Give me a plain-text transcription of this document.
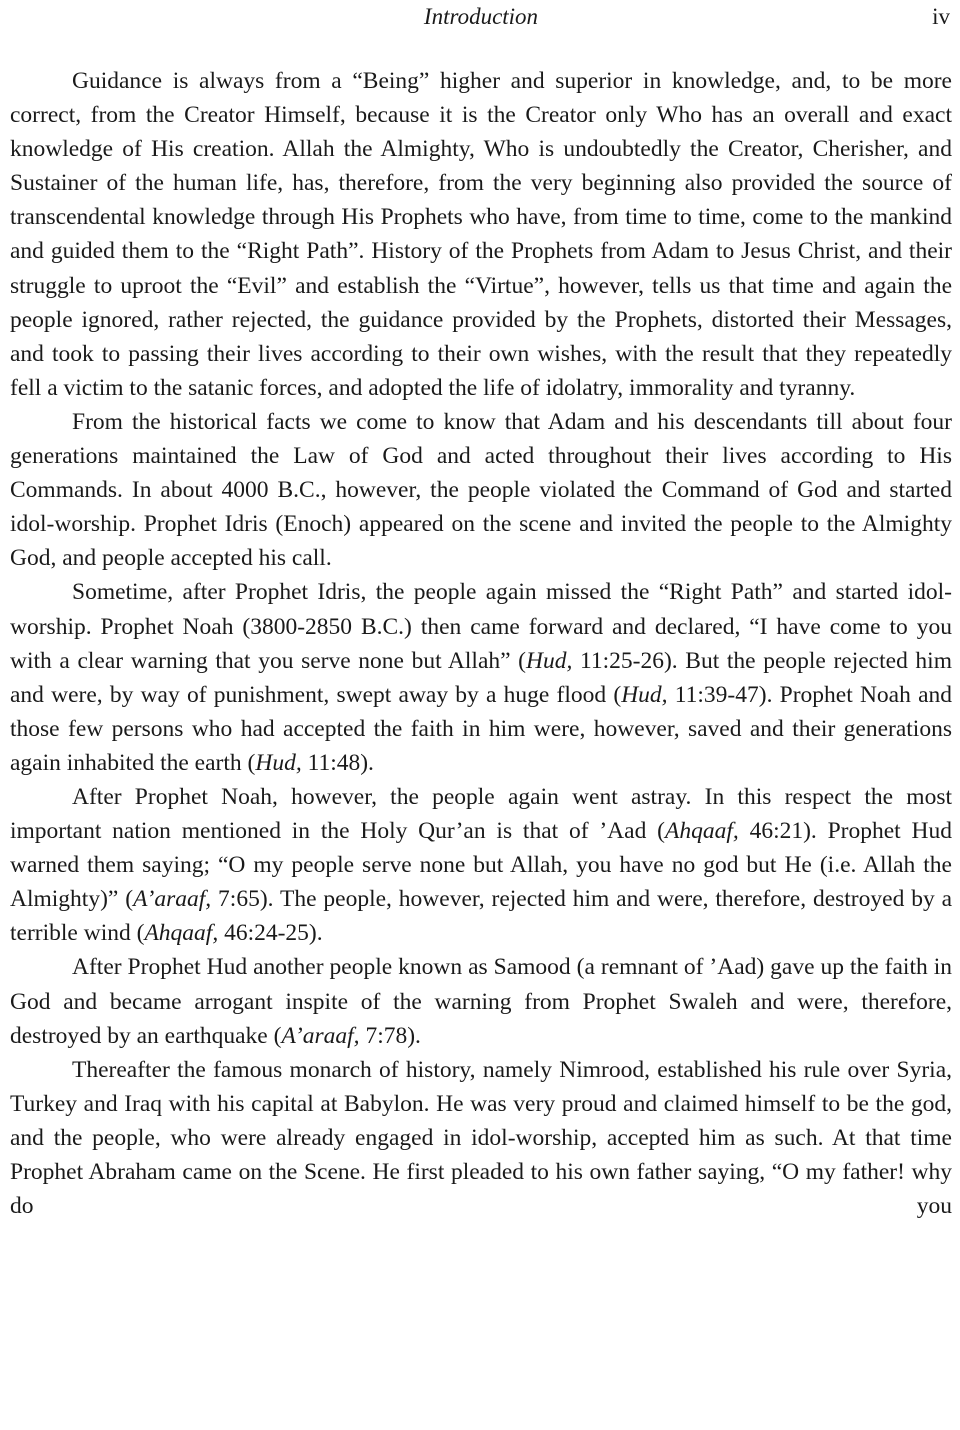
Introduction	iv

Guidance is always from a “Being” higher and superior in knowledge, and, to be more correct, from the Creator Himself, because it is the Creator only Who has an overall and exact knowledge of His creation. Allah the Almighty, Who is undoubtedly the Creator, Cherisher, and Sustainer of the human life, has, therefore, from the very beginning also provided the source of transcendental knowledge through His Prophets who have, from time to time, come to the mankind and guided them to the “Right Path”. History of the Prophets from Adam to Jesus Christ, and their struggle to uproot the “Evil” and establish the “Virtue”, however, tells us that time and again the people ignored, rather rejected, the guidance provided by the Prophets, distorted their Messages, and took to passing their lives according to their own wishes, with the result that they repeatedly fell a victim to the satanic forces, and adopted the life of idolatry, immorality and tyranny.

From the historical facts we come to know that Adam and his descendants till about four generations maintained the Law of God and acted throughout their lives according to His Commands. In about 4000 B.C., however, the people violated the Command of God and started idol-worship. Prophet Idris (Enoch) appeared on the scene and invited the people to the Almighty God, and people accepted his call.

Sometime, after Prophet Idris, the people again missed the “Right Path” and started idol-worship. Prophet Noah (3800-2850 B.C.) then came forward and declared, “I have come to you with a clear warning that you serve none but Allah” (Hud, 11:25-26). But the people rejected him and were, by way of punishment, swept away by a huge flood (Hud, 11:39-47). Prophet Noah and those few persons who had accepted the faith in him were, however, saved and their generations again inhabited the earth (Hud, 11:48).

After Prophet Noah, however, the people again went astray. In this respect the most important nation mentioned in the Holy Qur’an is that of ’Aad (Ahqaaf, 46:21). Prophet Hud warned them saying; “O my people serve none but Allah, you have no god but He (i.e. Allah the Almighty)” (A’araaf, 7:65). The people, however, rejected him and were, therefore, destroyed by a terrible wind (Ahqaaf, 46:24-25).

After Prophet Hud another people known as Samood (a remnant of ’Aad) gave up the faith in God and became arrogant inspite of the warning from Prophet Swaleh and were, therefore, destroyed by an earthquake (A’araaf, 7:78).

Thereafter the famous monarch of history, namely Nimrood, established his rule over Syria, Turkey and Iraq with his capital at Babylon. He was very proud and claimed himself to be the god, and the people, who were already engaged in idol-worship, accepted him as such. At that time Prophet Abraham came on the Scene. He first pleaded to his own father saying, “O my father! why do you
